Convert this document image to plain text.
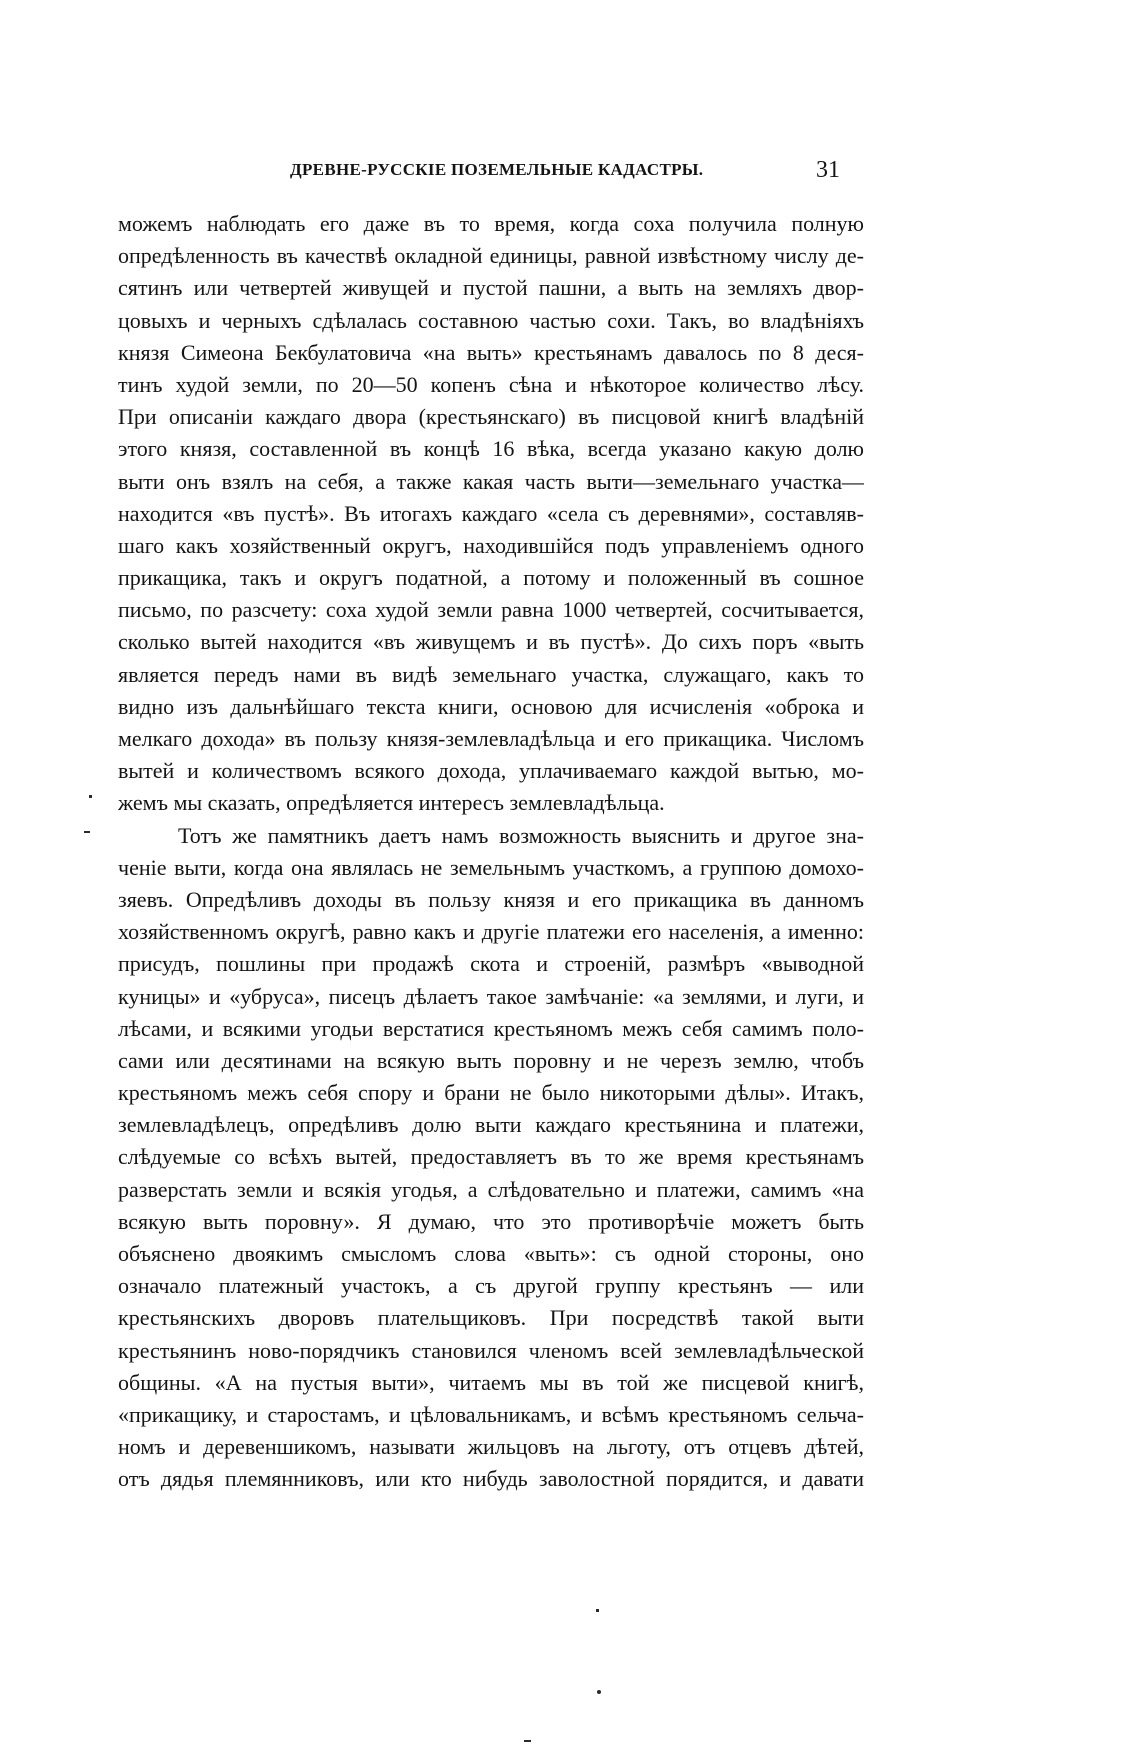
ДРЕВНЕ-РУССКІЕ ПОЗЕМЕЛЬНЫЕ КАДАСТРЫ.	31
можемъ наблюдать его даже въ то время, когда соха получила полную
опредѣленность въ качествѣ окладной единицы, равной извѣстному числу де-
сятинъ или четвертей живущей и пустой пашни, а выть на земляхъ двор-
цовыхъ и черныхъ сдѣлалась составною частью сохи. Такъ, во владѣніяхъ
князя Симеона Бекбулатовича «на выть» крестьянамъ давалось по 8 деся-
тинъ худой земли, по 20—50 копенъ сѣна и нѣкоторое количество лѣсу.
При описаніи каждаго двора (крестьянскаго) въ писцовой книгѣ владѣній
этого князя, составленной въ концѣ 16 вѣка, всегда указано какую долю
выти онъ взялъ на себя, а также какая часть выти—земельнаго участка—
находится «въ пустѣ». Въ итогахъ каждаго «села съ деревнями», составляв-
шаго какъ хозяйственный округъ, находившійся подъ управленіемъ одного
прикащика, такъ и округъ податной, а потому и положенный въ сошное
письмо, по разсчету: соха худой земли равна 1000 четвертей, сосчитывается,
сколько вытей находится «въ живущемъ и въ пустѣ». До сихъ поръ «выть
является передъ нами въ видѣ земельнаго участка, служащаго, какъ то
видно изъ дальнѣйшаго текста книги, основою для исчисленія «оброка и
мелкаго дохода» въ пользу князя-землевладѣльца и его прикащика. Числомъ
вытей и количествомъ всякого дохода, уплачиваемаго каждой вытью, мо-
жемъ мы сказать, опредѣляется интересъ землевладѣльца.
Тотъ же памятникъ даетъ намъ возможность выяснить и другое зна-
ченіе выти, когда она являлась не земельнымъ участкомъ, а группою домохо-
зяевъ. Опредѣливъ доходы въ пользу князя и его прикащика въ данномъ
хозяйственномъ округѣ, равно какъ и другіе платежи его населенія, а именно:
присудъ, пошлины при продажѣ скота и строеній, размѣръ «выводной
куницы» и «убруса», писецъ дѣлаетъ такое замѣчаніе: «а землями, и луги, и
лѣсами, и всякими угодьи верстатися крестьяномъ межъ себя самимъ поло-
сами или десятинами на всякую выть поровну и не черезъ землю, чтобъ
крестьяномъ межъ себя спору и брани не было никоторыми дѣлы». Итакъ,
землевладѣлецъ, опредѣливъ долю выти каждаго крестьянина и платежи,
слѣдуемые со всѣхъ вытей, предоставляетъ въ то же время крестьянамъ
разверстать земли и всякія угодья, а слѣдовательно и платежи, самимъ «на
всякую выть поровну». Я думаю, что это противорѣчіе можетъ быть
объяснено двоякимъ смысломъ слова «выть»: съ одной стороны, оно
означало платежный участокъ, а съ другой группу крестьянъ — или
крестьянскихъ дворовъ плательщиковъ. При посредствѣ такой выти
крестьянинъ ново-порядчикъ становился членомъ всей землевладѣльческой
общины. «А на пустыя выти», читаемъ мы въ той же писцевой книгѣ,
«прикащику, и старостамъ, и цѣловальникамъ, и всѣмъ крестьяномъ сельча-
номъ и деревеншикомъ, называти жильцовъ на льготу, отъ отцевъ дѣтей,
отъ дядья племянниковъ, или кто нибудь заволостной порядится, и давати
